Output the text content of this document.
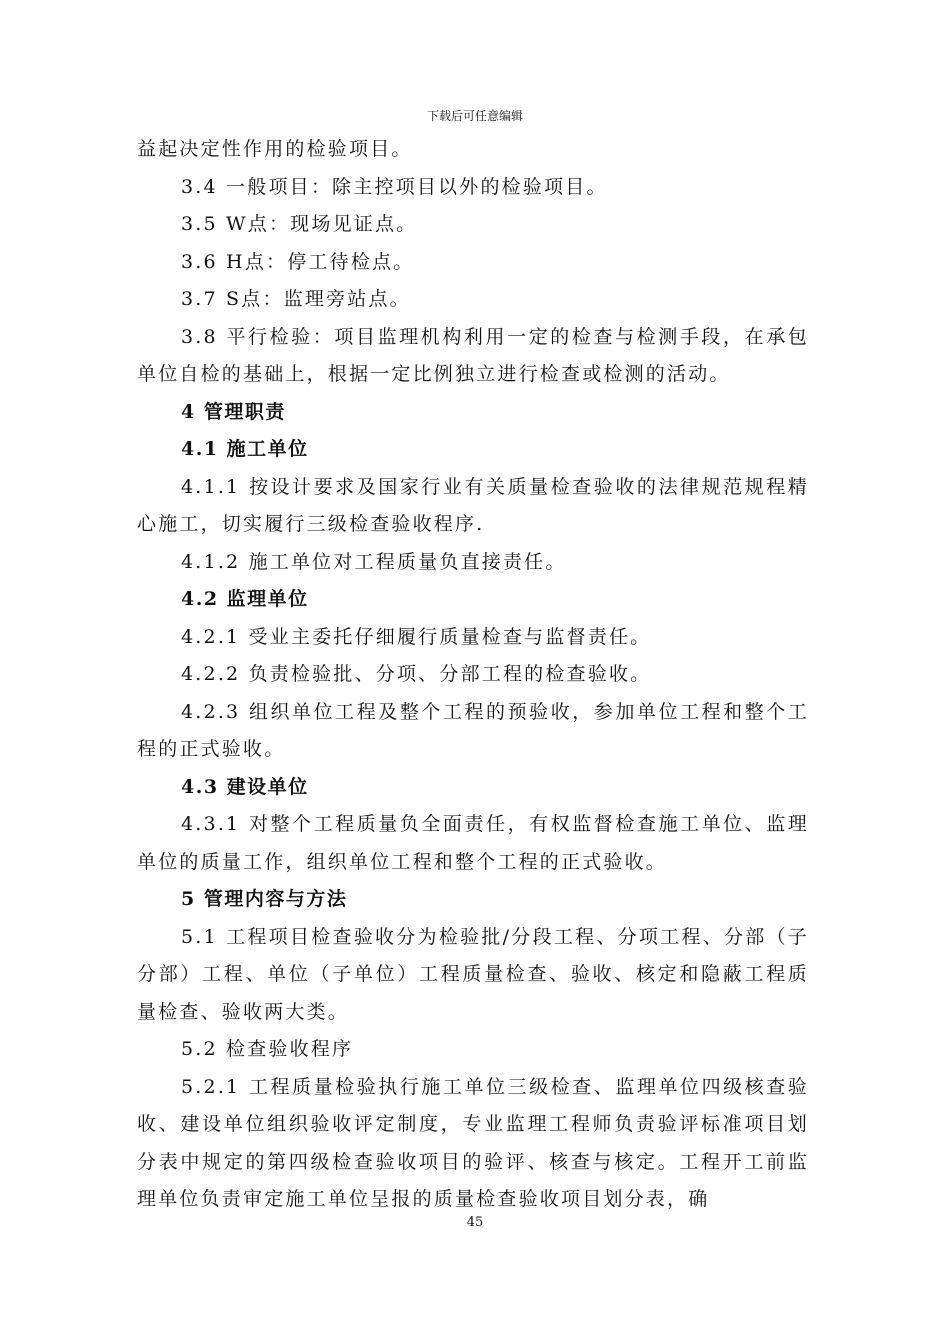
下载后可任意编辑

益起决定性作用的检验项目。

3.4 一般项目：除主控项目以外的检验项目。

3.5 W点：现场见证点。

3.6 H点：停工待检点。

3.7 S点：监理旁站点。

3.8 平行检验：项目监理机构利用一定的检查与检测手段，在承包单位自检的基础上，根据一定比例独立进行检查或检测的活动。

4 管理职责

4.1 施工单位

4.1.1 按设计要求及国家行业有关质量检查验收的法律规范规程精心施工，切实履行三级检查验收程序.

4.1.2 施工单位对工程质量负直接责任。

4.2 监理单位

4.2.1 受业主委托仔细履行质量检查与监督责任。

4.2.2 负责检验批、分项、分部工程的检查验收。

4.2.3 组织单位工程及整个工程的预验收，参加单位工程和整个工程的正式验收。

4.3 建设单位

4.3.1 对整个工程质量负全面责任，有权监督检查施工单位、监理单位的质量工作，组织单位工程和整个工程的正式验收。

5 管理内容与方法

5.1 工程项目检查验收分为检验批/分段工程、分项工程、分部（子分部）工程、单位（子单位）工程质量检查、验收、核定和隐蔽工程质量检查、验收两大类。

5.2 检查验收程序

5.2.1 工程质量检验执行施工单位三级检查、监理单位四级核查验收、建设单位组织验收评定制度，专业监理工程师负责验评标准项目划分表中规定的第四级检查验收项目的验评、核查与核定。工程开工前监理单位负责审定施工单位呈报的质量检查验收项目划分表，确

45
